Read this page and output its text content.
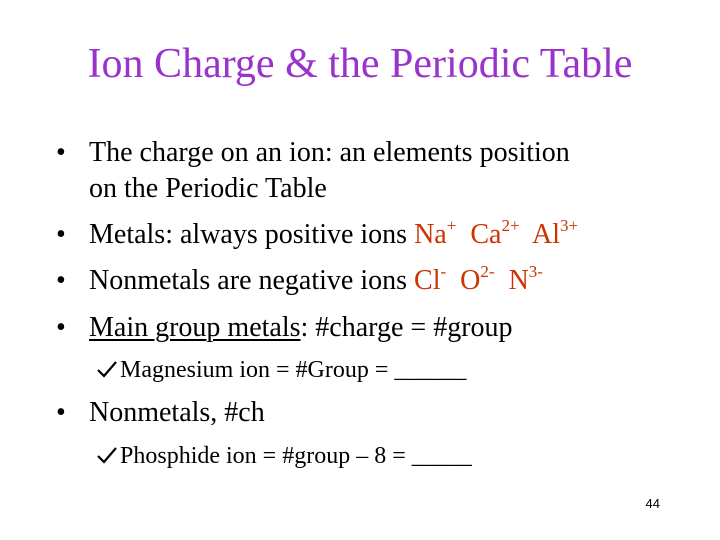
Ion Charge & the Periodic Table
• The charge on an ion: an elements position
on the Periodic Table
• Metals: always positive ions Na+ $Ca^{2+}$ $Al^{3+}$
• Nonmetals are negative ions Cl- $O^{2-}$ $N^{3-}$
• Main group metals: #charge = #group
Magnesium ion = #Group = ______
• Nonmetals, #ch
Phosphide ion = #group – 8 = _____
44
